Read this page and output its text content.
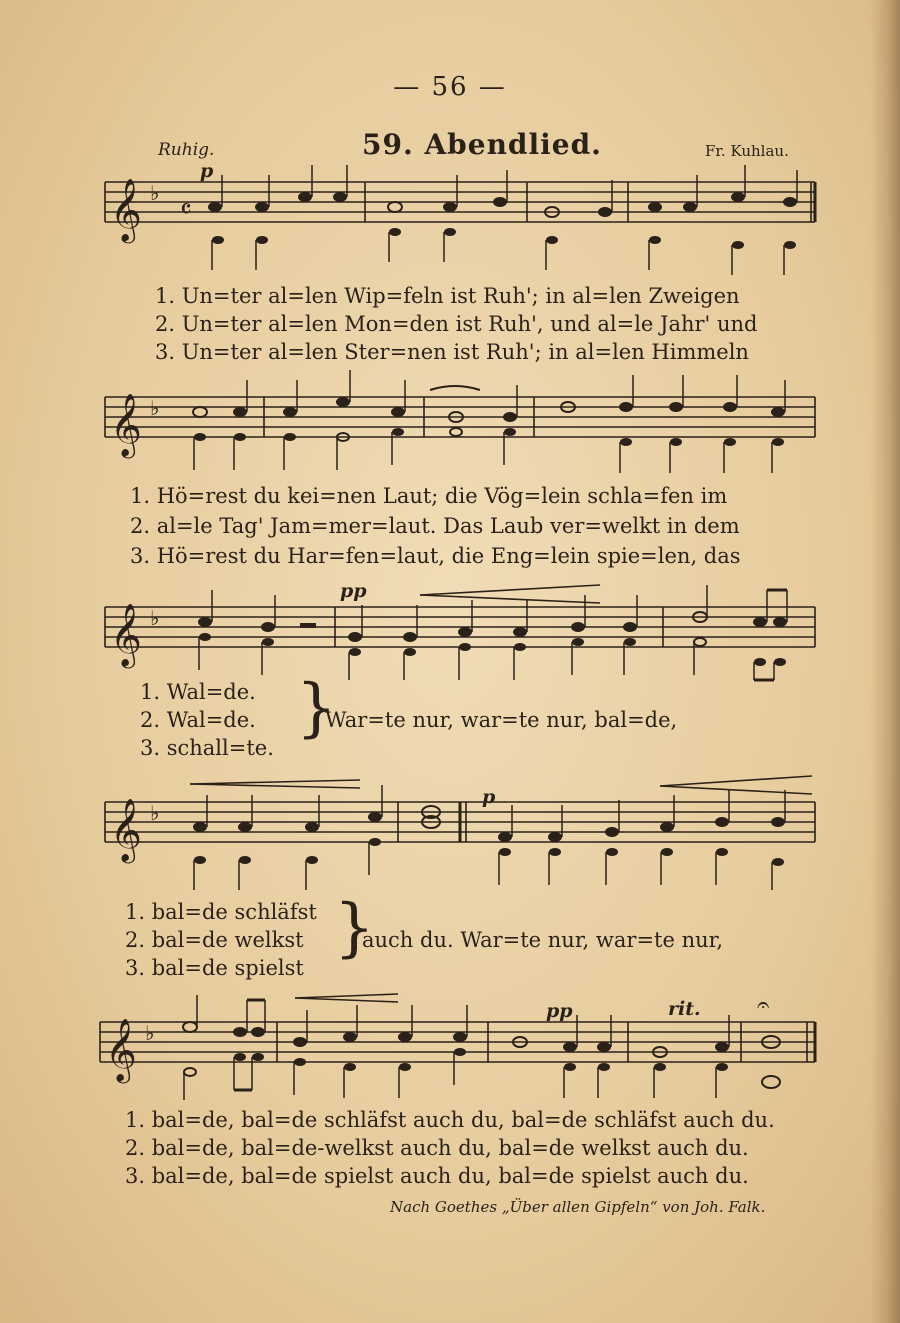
— 56 —
Ruhig.	59. Abendlied.	Fr. Kuhlau.
p
𝄞 ♭
𝄴
1. Un=ter al=len Wip=feln ist Ruh'; in al=len Zweigen
2. Un=ter al=len Mon=den ist Ruh', und al=le Jahr' und
3. Un=ter al=len Ster=nen ist Ruh'; in al=len Himmeln
𝄞 ♭
1. Hö=rest du kei=nen Laut; die Vög=lein schla=fen im
2. al=le Tag' Jam=mer=laut. Das Laub ver=welkt in dem
3. Hö=rest du Har=fen=laut, die Eng=lein spie=len, das
pp
𝄞 ♭
1. Wal=de.
2. Wal=de.
3. schall=te.
}
War=te nur, war=te nur, bal=de,
p
𝄞 ♭
1. bal=de schläfst
2. bal=de welkst
3. bal=de spielst
}
auch du. War=te nur, war=te nur,
pp	rit.
𝄞 ♭
𝄐
1. bal=de, bal=de schläfst auch du, bal=de schläfst auch du.
2. bal=de, bal=de-welkst auch du, bal=de welkst auch du.
3. bal=de, bal=de spielst auch du, bal=de spielst auch du.
Nach Goethes „Über allen Gipfeln“ von Joh. Falk.
